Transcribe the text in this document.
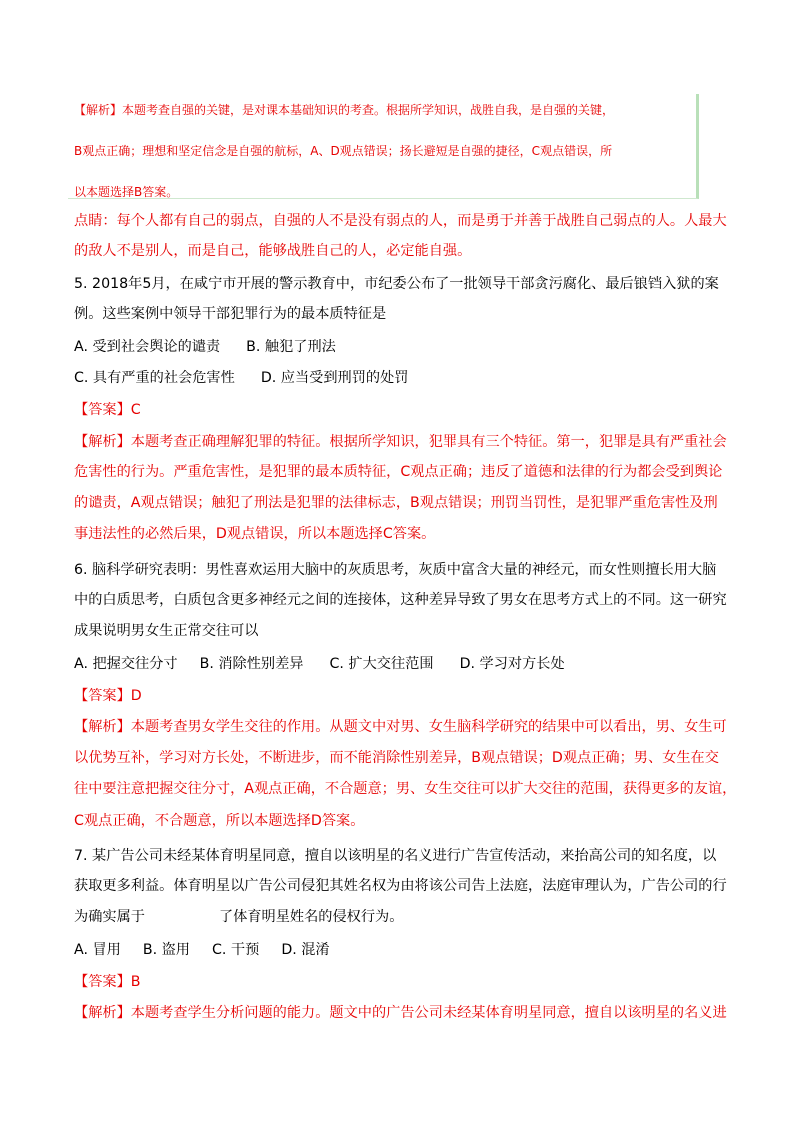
【解析】本题考查自强的关键，是对课本基础知识的考查。根据所学知识，战胜自我，是自强的关键，
B观点正确；理想和坚定信念是自强的航标，A、D观点错误；扬长避短是自强的捷径，C观点错误，所
以本题选择B答案。
点睛：每个人都有自己的弱点，自强的人不是没有弱点的人，而是勇于并善于战胜自己弱点的人。人最大
的敌人不是别人，而是自己，能够战胜自己的人，必定能自强。
5. 2018年5月，在咸宁市开展的警示教育中，市纪委公布了一批领导干部贪污腐化、最后锒铛入狱的案
例。这些案例中领导干部犯罪行为的最本质特征是
A. 受到社会舆论的谴责 B. 触犯了刑法
C. 具有严重的社会危害性 D. 应当受到刑罚的处罚
【答案】C
【解析】本题考查正确理解犯罪的特征。根据所学知识，犯罪具有三个特征。第一，犯罪是具有严重社会
危害性的行为。严重危害性，是犯罪的最本质特征，C观点正确；违反了道德和法律的行为都会受到舆论
的谴责，A观点错误；触犯了刑法是犯罪的法律标志，B观点错误；刑罚当罚性，是犯罪严重危害性及刑
事违法性的必然后果，D观点错误，所以本题选择C答案。
6. 脑科学研究表明：男性喜欢运用大脑中的灰质思考，灰质中富含大量的神经元，而女性则擅长用大脑
中的白质思考，白质包含更多神经元之间的连接体，这种差异导致了男女在思考方式上的不同。这一研究
成果说明男女生正常交往可以
A. 把握交往分寸 B. 消除性别差异 C. 扩大交往范围 D. 学习对方长处
【答案】D
【解析】本题考查男女学生交往的作用。从题文中对男、女生脑科学研究的结果中可以看出，男、女生可
以优势互补，学习对方长处，不断进步，而不能消除性别差异，B观点错误；D观点正确；男、女生在交
往中要注意把握交往分寸，A观点正确，不合题意；男、女生交往可以扩大交往的范围，获得更多的友谊，
C观点正确，不合题意，所以本题选择D答案。
7. 某广告公司未经某体育明星同意，擅自以该明星的名义进行广告宣传活动，来抬高公司的知名度，以
获取更多利益。体育明星以广告公司侵犯其姓名权为由将该公司告上法庭，法庭审理认为，广告公司的行
为确实属于	了体育明星姓名的侵权行为。
A. 冒用 B. 盗用 C. 干预 D. 混淆
【答案】B
【解析】本题考查学生分析问题的能力。题文中的广告公司未经某体育明星同意，擅自以该明星的名义进
